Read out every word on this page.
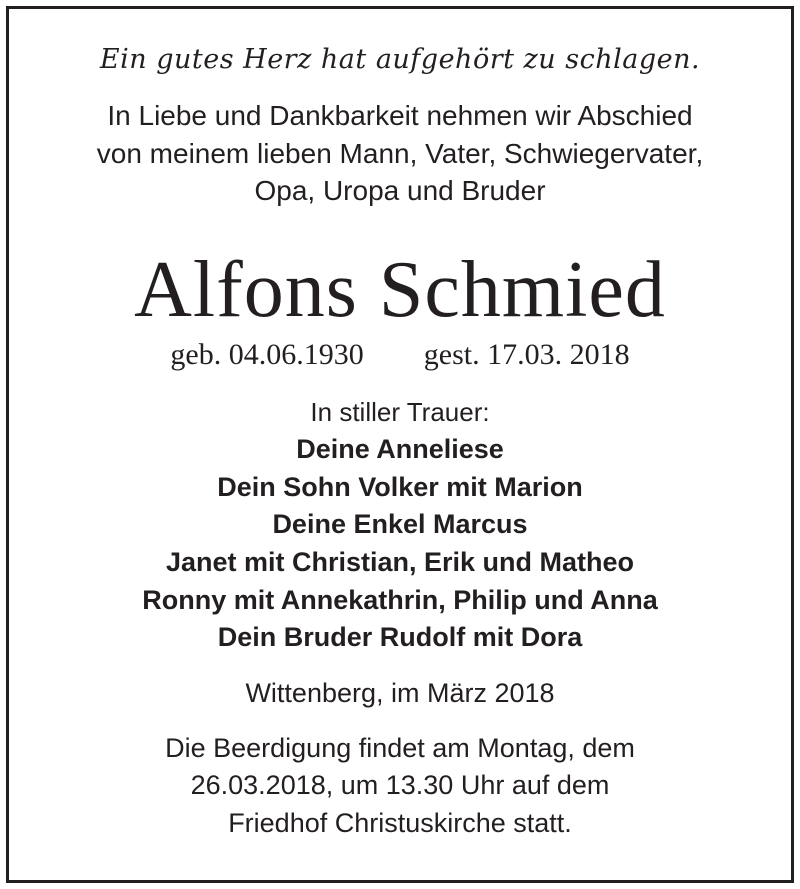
Ein gutes Herz hat aufgehört zu schlagen.

In Liebe und Dankbarkeit nehmen wir Abschied

von meinem lieben Mann, Vater, Schwiegervater,

Opa, Uropa und Bruder

Alfons Schmied

geb. 04.06.1930 gest. 17.03. 2018

In stiller Trauer:

Deine Anneliese

Dein Sohn Volker mit Marion

Deine Enkel Marcus

Janet mit Christian, Erik und Matheo

Ronny mit Annekathrin, Philip und Anna

Dein Bruder Rudolf mit Dora

Wittenberg, im März 2018

Die Beerdigung findet am Montag, dem

26.03.2018, um 13.30 Uhr auf dem

Friedhof Christuskirche statt.
